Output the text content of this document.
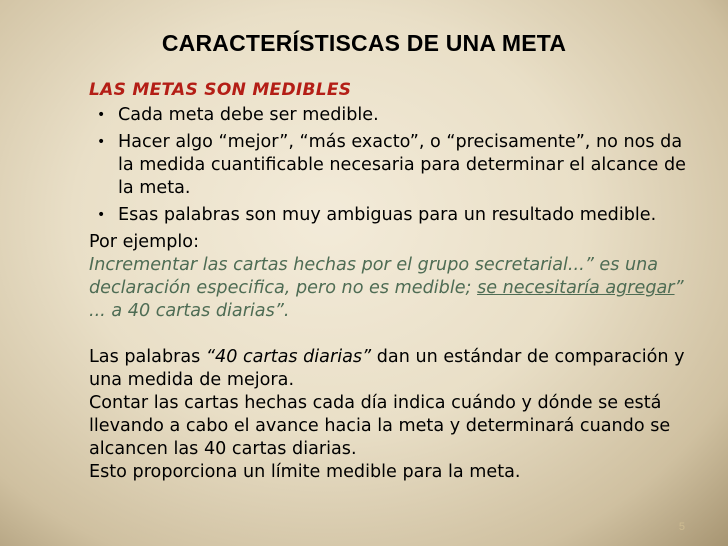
CARACTERÍSTISCAS DE UNA META
LAS METAS SON MEDIBLES
• Cada meta debe ser medible.
• Hacer algo “mejor”, “más exacto”, o “precisamente”, no nos da la medida cuantificable necesaria para determinar el alcance de la meta.
• Esas palabras son muy ambiguas para un resultado medible.
Por ejemplo:
Incrementar las cartas hechas por el grupo secretarial...” es una declaración especifica, pero no es medible; se necesitaría agregar” ... a 40 cartas diarias”.
Las palabras “40 cartas diarias” dan un estándar de comparación y una medida de mejora.
Contar las cartas hechas cada día indica cuándo y dónde se está llevando a cabo el avance hacia la meta y determinará cuando se alcancen las 40 cartas diarias.
Esto proporciona un límite medible para la meta.
5
